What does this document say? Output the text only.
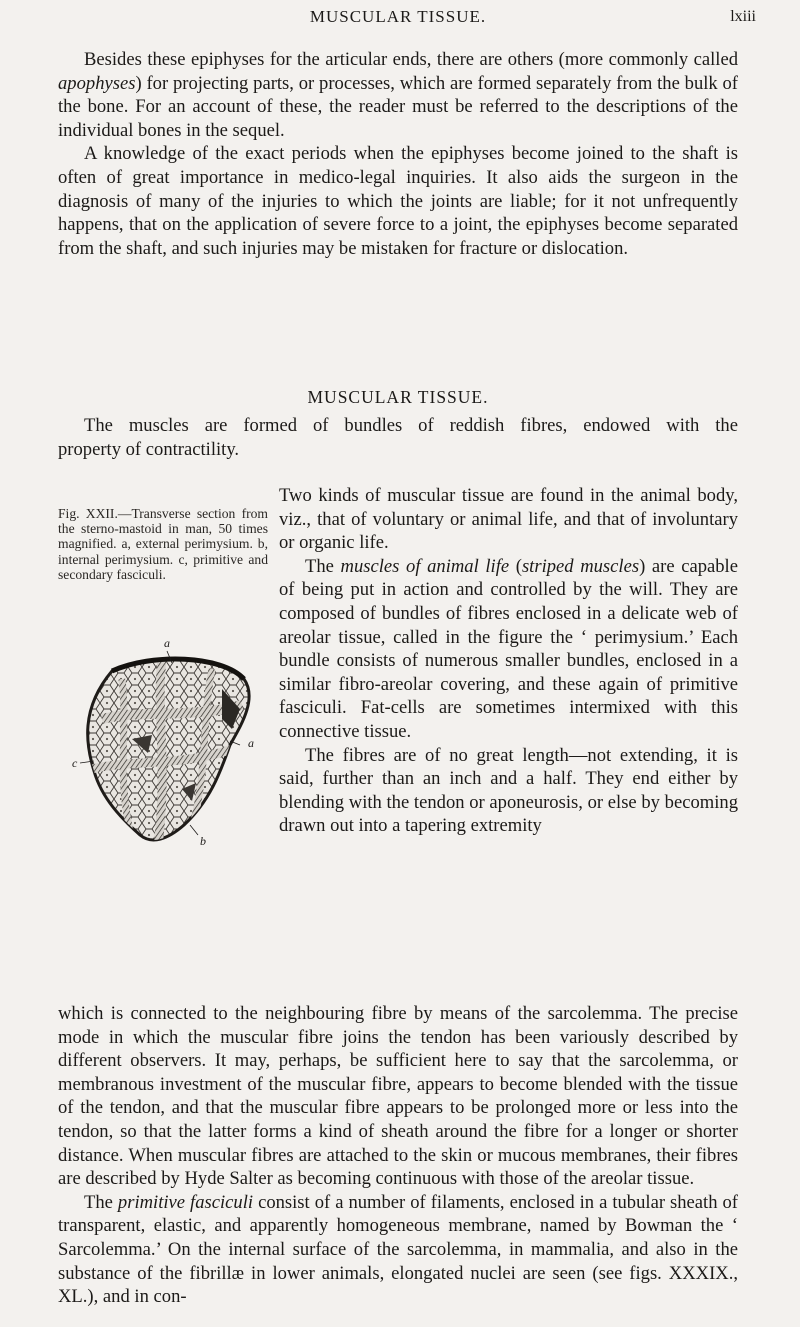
MUSCULAR TISSUE.	lxiii

Besides these epiphyses for the articular ends, there are others (more commonly called apophyses) for projecting parts, or processes, which are formed separately from the bulk of the bone. For an account of these, the reader must be referred to the descriptions of the individual bones in the sequel.

A knowledge of the exact periods when the epiphyses become joined to the shaft is often of great importance in medico-legal inquiries. It also aids the surgeon in the diagnosis of many of the injuries to which the joints are liable; for it not unfrequently happens, that on the application of severe force to a joint, the epiphyses become separated from the shaft, and such injuries may be mistaken for fracture or dislocation.

MUSCULAR TISSUE.

The muscles are formed of bundles of reddish fibres, endowed with the

property of contractility.

Fig. XXII.—Transverse section from the sterno-mastoid in man, 50 times magnified. a, external perimysium. b, internal perimysium. c, primitive and secondary fasciculi.
a
a
b
c

Two kinds of muscular tissue are found in the animal body, viz., that of voluntary or animal life, and that of involuntary or organic life.

The muscles of animal life (striped muscles) are capable of being put in action and controlled by the will. They are composed of bundles of fibres enclosed in a delicate web of areolar tissue, called in the figure the ‘ perimysium.’ Each bundle consists of numerous smaller bundles, enclosed in a similar fibro-areolar covering, and these again of primitive fasciculi. Fat-cells are sometimes intermixed with this connective tissue.

The fibres are of no great length—not extending, it is said, further than an inch and a half. They end either by blending with the tendon or aponeurosis, or else by becoming drawn out into a tapering extremity

which is connected to the neighbouring fibre by means of the sarcolemma. The precise mode in which the muscular fibre joins the tendon has been variously described by different observers. It may, perhaps, be sufficient here to say that the sarcolemma, or membranous investment of the muscular fibre, appears to become blended with the tissue of the tendon, and that the muscular fibre appears to be prolonged more or less into the tendon, so that the latter forms a kind of sheath around the fibre for a longer or shorter distance. When muscular fibres are attached to the skin or mucous membranes, their fibres are described by Hyde Salter as becoming continuous with those of the areolar tissue.

The primitive fasciculi consist of a number of filaments, enclosed in a tubular sheath of transparent, elastic, and apparently homogeneous membrane, named by Bowman the ‘ Sarcolemma.’ On the internal surface of the sarcolemma, in mammalia, and also in the substance of the fibrillæ in lower animals, elongated nuclei are seen (see figs. XXXIX., XL.), and in con-
